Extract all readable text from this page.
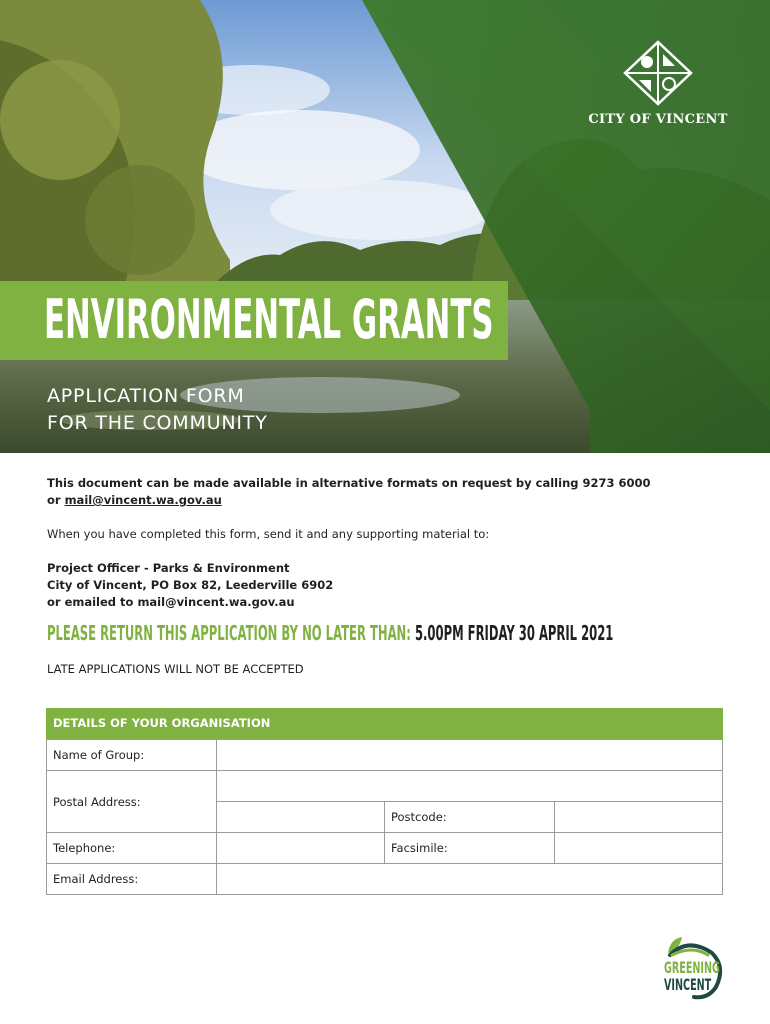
CITY OF VINCENT
ENVIRONMENTAL GRANTS
APPLICATION FORM
FOR THE COMMUNITY
This document can be made available in alternative formats on request by calling 9273 6000
or mail@vincent.wa.gov.au
When you have completed this form, send it and any supporting material to:
Project Officer - Parks & Environment
City of Vincent, PO Box 82, Leederville 6902
or emailed to mail@vincent.wa.gov.au
PLEASE RETURN THIS APPLICATION BY NO LATER THAN: 5.00PM FRIDAY 30 APRIL 2021
LATE APPLICATIONS WILL NOT BE ACCEPTED
DETAILS OF YOUR ORGANISATION
Name of Group:
Postal Address:
Postcode:
Telephone:	Facsimile:
Email Address:
GREENING
VINCENT
